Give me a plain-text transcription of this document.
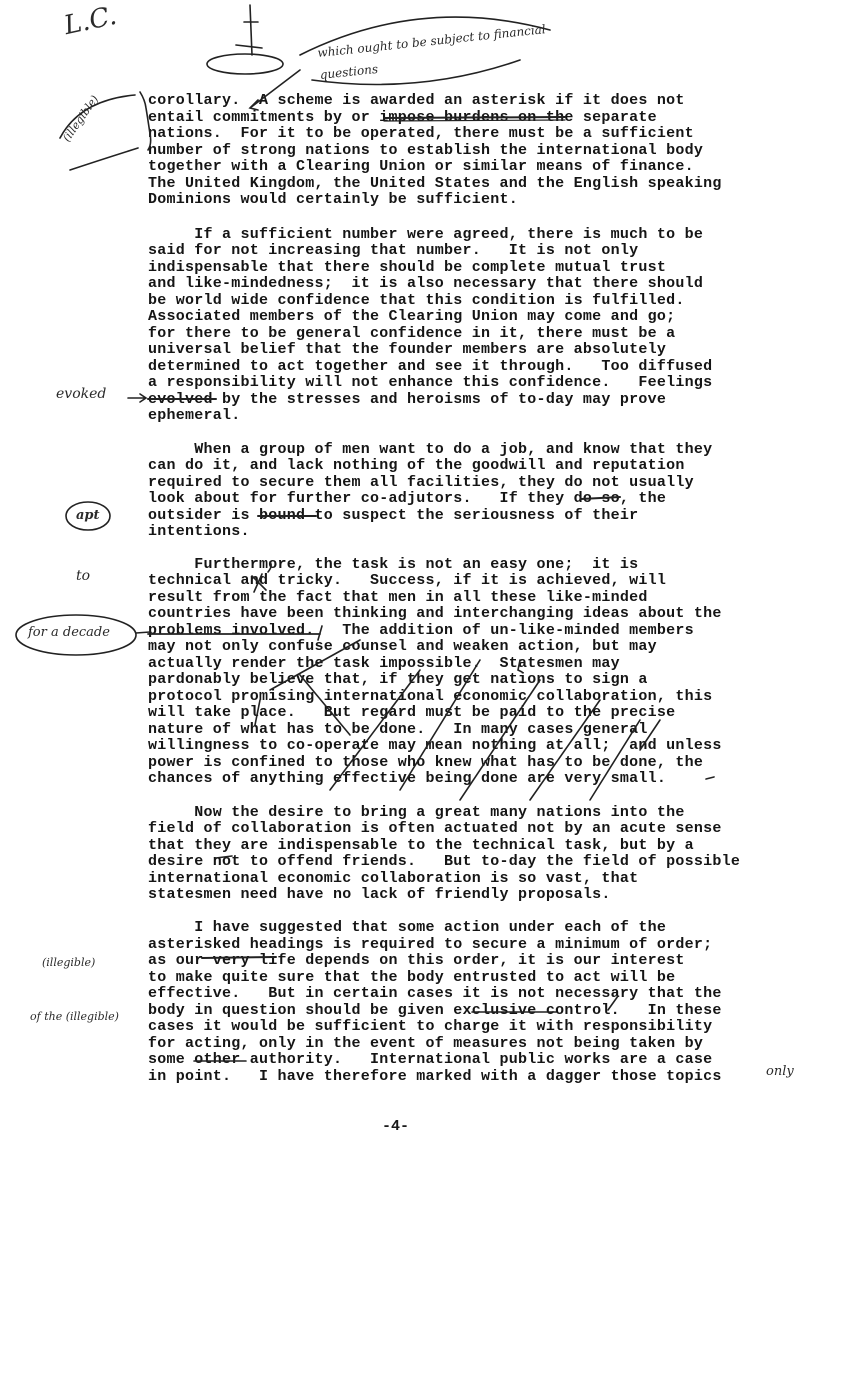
corollary.  A scheme is awarded an asterisk if it does not
entail commitments by or impose burdens on the separate
nations.  For it to be operated, there must be a sufficient
number of strong nations to establish the international body
together with a Clearing Union or similar means of finance.
The United Kingdom, the United States and the English speaking
Dominions would certainly be sufficient.
If a sufficient number were agreed, there is much to be
said for not increasing that number.   It is not only
indispensable that there should be complete mutual trust
and like-mindedness;  it is also necessary that there should
be world wide confidence that this condition is fulfilled.
Associated members of the Clearing Union may come and go;
for there to be general confidence in it, there must be a
universal belief that the founder members are absolutely
determined to act together and see it through.   Too diffused
a responsibility will not enhance this confidence.   Feelings
evolved by the stresses and heroisms of to-day may prove
ephemeral.
When a group of men want to do a job, and know that they
can do it, and lack nothing of the goodwill and reputation
required to secure them all facilities, they do not usually
look about for further co-adjutors.   If they do so, the
outsider is bound to suspect the seriousness of their
intentions.
Furthermore, the task is not an easy one;  it is
technical and tricky.   Success, if it is achieved, will
result from the fact that men in all these like-minded
countries have been thinking and interchanging ideas about the
problems involved.   The addition of un-like-minded members
may not only confuse counsel and weaken action, but may
actually render the task impossible.  Statesmen may
pardonably believe that, if they get nations to sign a
protocol promising international economic collaboration, this
will take place.   But regard must be paid to the precise
nature of what has to be done.   In many cases general
willingness to co-operate may mean nothing at all;  and unless
power is confined to those who knew what has to be done, the
chances of anything effective being done are very small.
Now the desire to bring a great many nations into the
field of collaboration is often actuated not by an acute sense
that they are indispensable to the technical task, but by a
desire not to offend friends.   But to-day the field of possible
international economic collaboration is so vast, that
statesmen need have no lack of friendly proposals.
I have suggested that some action under each of the
asterisked headings is required to secure a minimum of order;
as our very life depends on this order, it is our interest
to make quite sure that the body entrusted to act will be
effective.   But in certain cases it is not necessary that the
body in question should be given exclusive control.   In these
cases it would be sufficient to charge it with responsibility
for acting, only in the event of measures not being taken by
some other authority.   International public works are a case
in point.   I have therefore marked with a dagger those topics
-4-
L.C.	which ought to be subject to financial questions
(illegible)
evoked
apt
to
for a decade
(illegible)
of the (illegible)
only
